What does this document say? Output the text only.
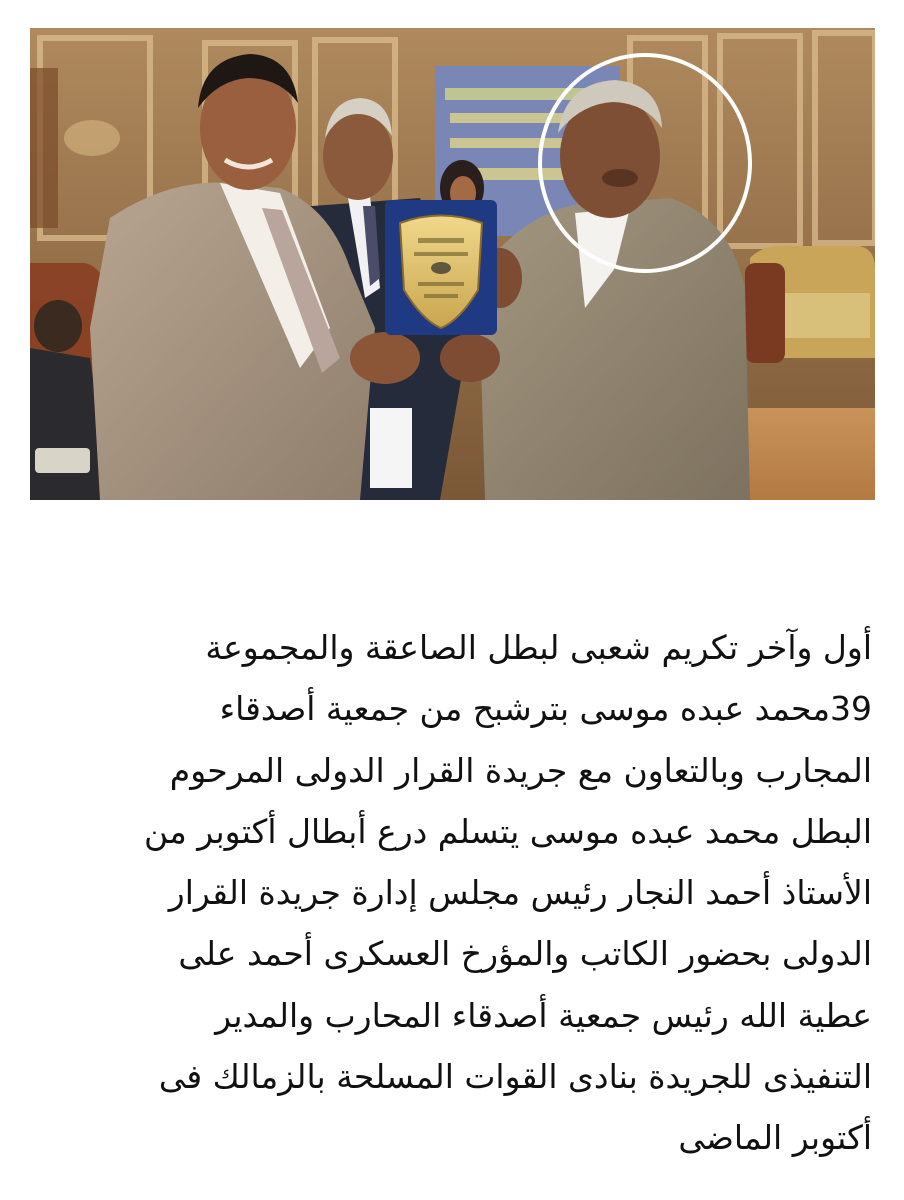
أول وآخر تكريم شعبى لبطل الصاعقة والمجموعة
39محمد عبده موسى بترشبح من جمعية أصدقاء
المجارب وبالتعاون مع جريدة القرار الدولى المرحوم
البطل محمد عبده موسى يتسلم درع أبطال أكتوبر من
الأستاذ أحمد النجار رئيس مجلس إدارة جريدة القرار
الدولى بحضور الكاتب والمؤرخ العسكرى أحمد على
عطية الله رئيس جمعية أصدقاء المحارب والمدير
التنفيذى للجريدة بنادى القوات المسلحة بالزمالك فى
أكتوبر الماضى
